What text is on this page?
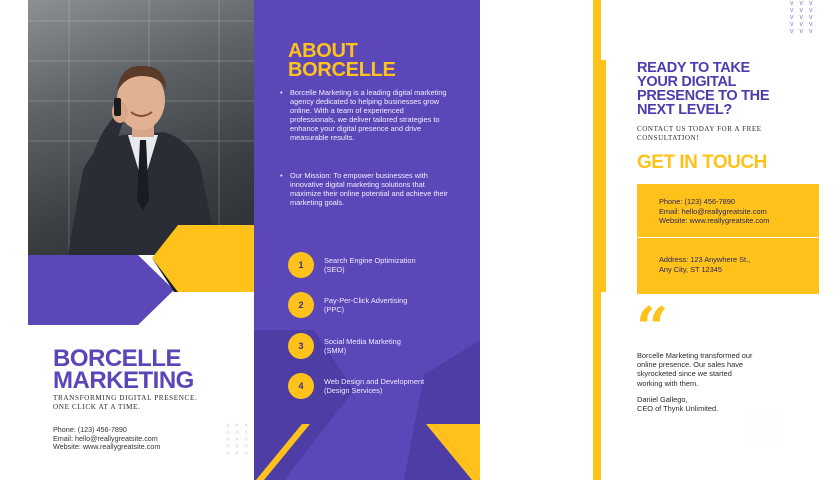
BORCELLE
MARKETING
TRANSFORMING DIGITAL PRESENCE.
ONE CLICK AT A TIME.
Phone: (123) 456-7890
Email: hello@reallygreatsite.com
Website: www.reallygreatsite.com
^^^
^^^
^^^
^^^
^^^
ABOUT
BORCELLE
• Borcelle Marketing is a leading digital marketing agency dedicated to helping businesses grow online. With a team of experienced professionals, we deliver tailored strategies to enhance your digital presence and drive measurable results.
• Our Mission: To empower businesses with innovative digital marketing solutions that maximize their online potential and achieve their marketing goals.
1	Search Engine Optimization
(SEO)
2	Pay-Per-Click Advertising
(PPC)
3	Social Media Marketing
(SMM)
4	Web Design and Development
(Design Services)
READY TO TAKE
YOUR DIGITAL
PRESENCE TO THE
NEXT LEVEL?
CONTACT US TODAY FOR A FREE
CONSULTATION!
GET IN TOUCH
Phone: (123) 456-7890
Email: hello@reallygreatsite.com
Website: www.reallygreatsite.com
Address: 123 Anywhere St.,
Any City, ST 12345
“
Borcelle Marketing transformed our
online presence. Our sales have
skyrocketed since we started
working with them.
Daniel Gallego,
CEO of Thynk Unlimited.
vvv
vvv
vvv
vvv
vvv
·····
·····
·····
·····
·····
